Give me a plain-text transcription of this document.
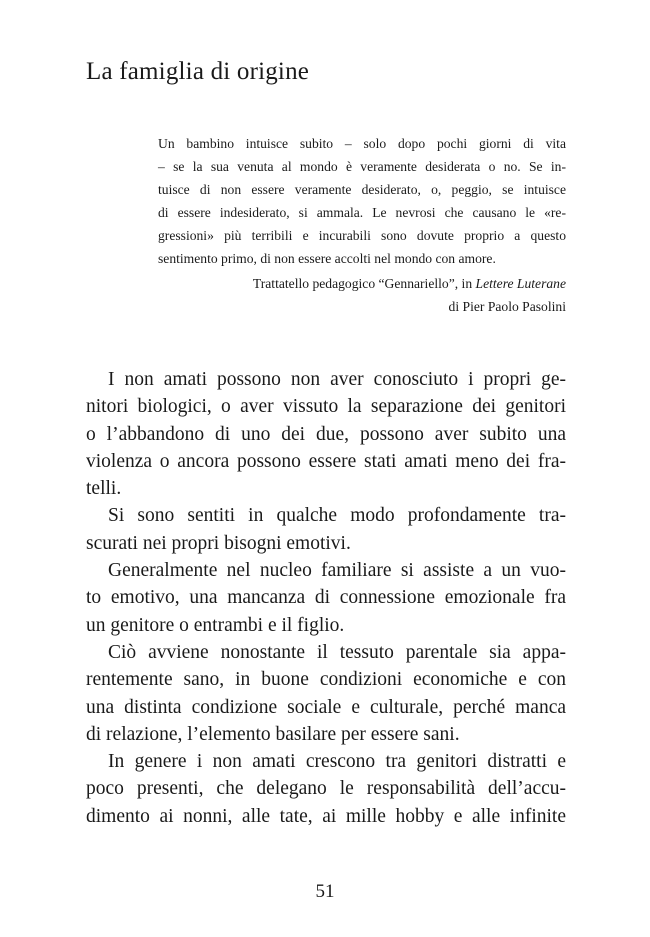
La famiglia di origine
Un bambino intuisce subito – solo dopo pochi giorni di vita
– se la sua venuta al mondo è veramente desiderata o no. Se in-
tuisce di non essere veramente desiderato, o, peggio, se intuisce
di essere indesiderato, si ammala. Le nevrosi che causano le «re-
gressioni» più terribili e incurabili sono dovute proprio a questo
sentimento primo, di non essere accolti nel mondo con amore.
Trattatello pedagogico “Gennariello”, in Lettere Luterane
di Pier Paolo Pasolini
I non amati possono non aver conosciuto i propri ge-
nitori biologici, o aver vissuto la separazione dei genitori
o l’abbandono di uno dei due, possono aver subito una
violenza o ancora possono essere stati amati meno dei fra-
telli.
Si sono sentiti in qualche modo profondamente tra-
scurati nei propri bisogni emotivi.
Generalmente nel nucleo familiare si assiste a un vuo-
to emotivo, una mancanza di connessione emozionale fra
un genitore o entrambi e il figlio.
Ciò avviene nonostante il tessuto parentale sia appa-
rentemente sano, in buone condizioni economiche e con
una distinta condizione sociale e culturale, perché manca
di relazione, l’elemento basilare per essere sani.
In genere i non amati crescono tra genitori distratti e
poco presenti, che delegano le responsabilità dell’accu-
dimento ai nonni, alle tate, ai mille hobby e alle infinite
51
